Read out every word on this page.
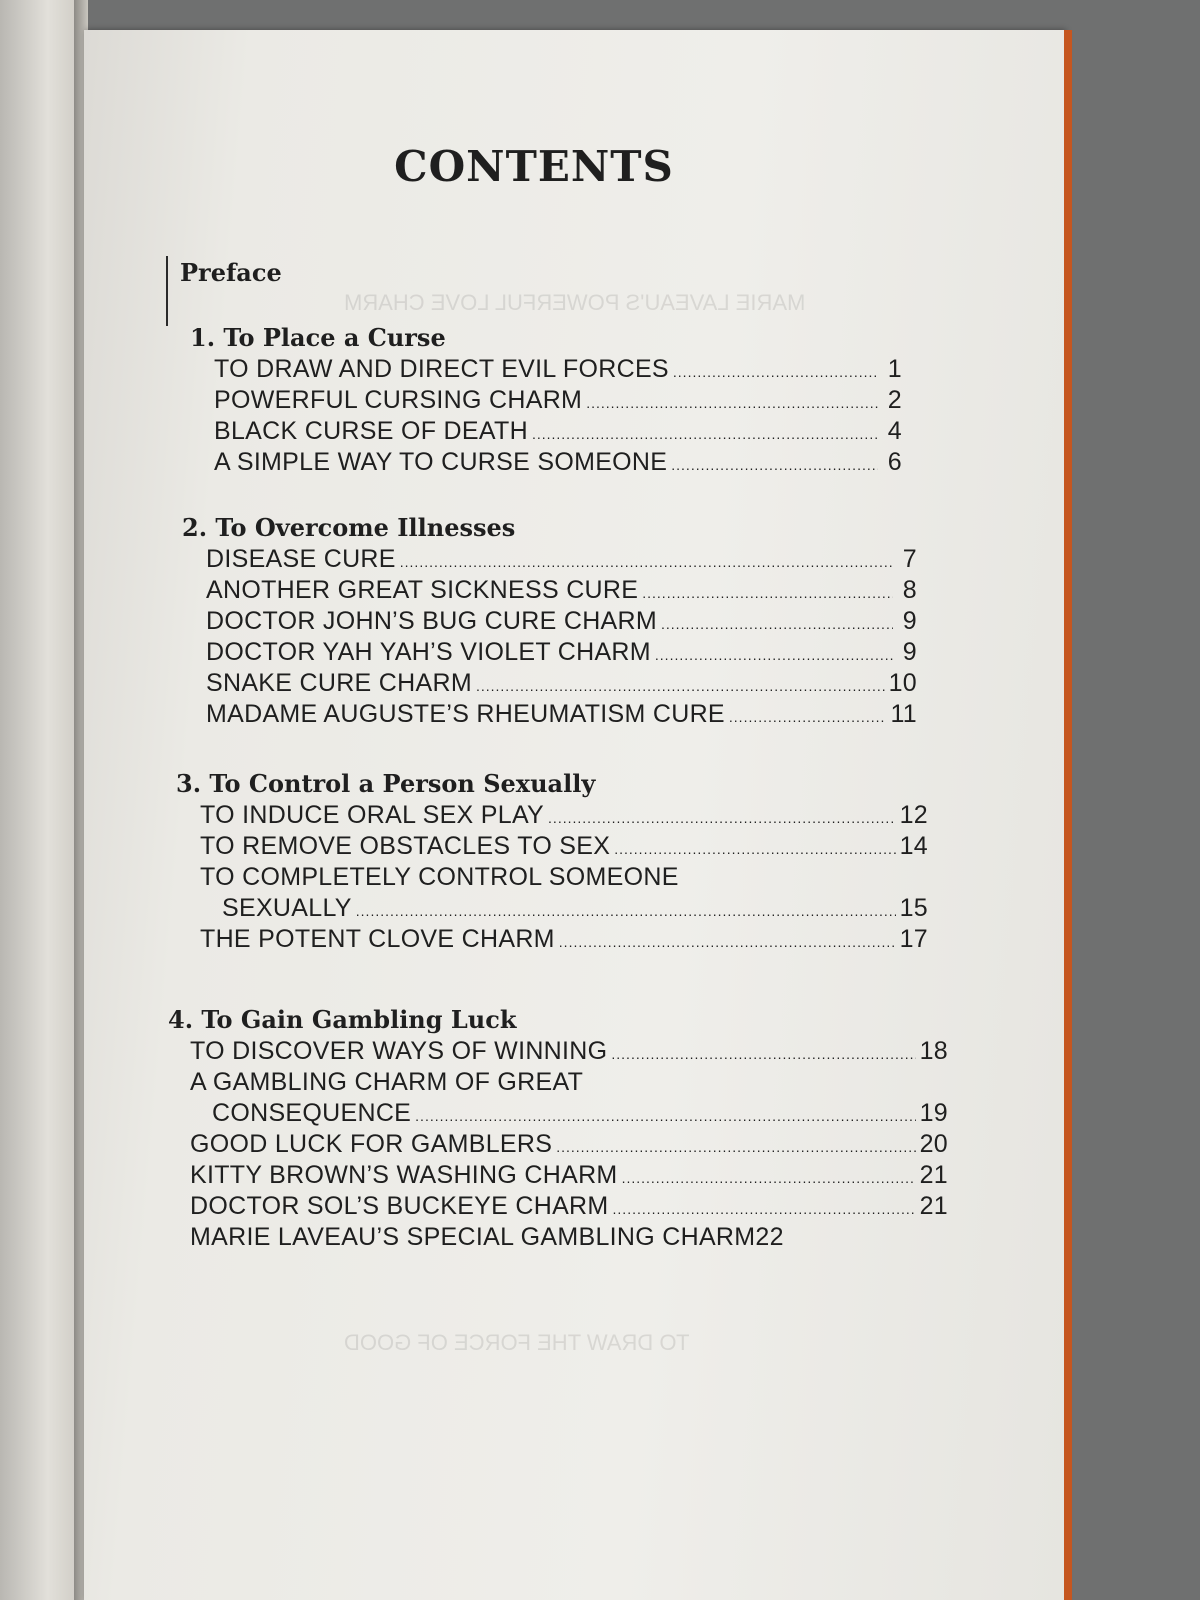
MARIE LAVEAU'S POWERFUL LOVE CHARM
TO DRAW THE FORCE OF GOOD
CONTENTS
Preface
1. To Place a Curse
TO DRAW AND DIRECT EVIL FORCES .....	1
POWERFUL CURSING CHARM .....	2
BLACK CURSE OF DEATH .....	4
A SIMPLE WAY TO CURSE SOMEONE .....	6
2. To Overcome Illnesses
DISEASE CURE .....	7
ANOTHER GREAT SICKNESS CURE .....	8
DOCTOR JOHN’S BUG CURE CHARM .....	9
DOCTOR YAH YAH’S VIOLET CHARM .....	9
SNAKE CURE CHARM .....	10
MADAME AUGUSTE’S RHEUMATISM CURE .....	11
3. To Control a Person Sexually
TO INDUCE ORAL SEX PLAY .....	12
TO REMOVE OBSTACLES TO SEX .....	14
TO COMPLETELY CONTROL SOMEONE
SEXUALLY .....	15
THE POTENT CLOVE CHARM .....	17
4. To Gain Gambling Luck
TO DISCOVER WAYS OF WINNING .....	18
A GAMBLING CHARM OF GREAT
CONSEQUENCE .....	19
GOOD LUCK FOR GAMBLERS .....	20
KITTY BROWN’S WASHING CHARM .....	21
DOCTOR SOL’S BUCKEYE CHARM .....	21
MARIE LAVEAU’S SPECIAL GAMBLING CHARM 22
